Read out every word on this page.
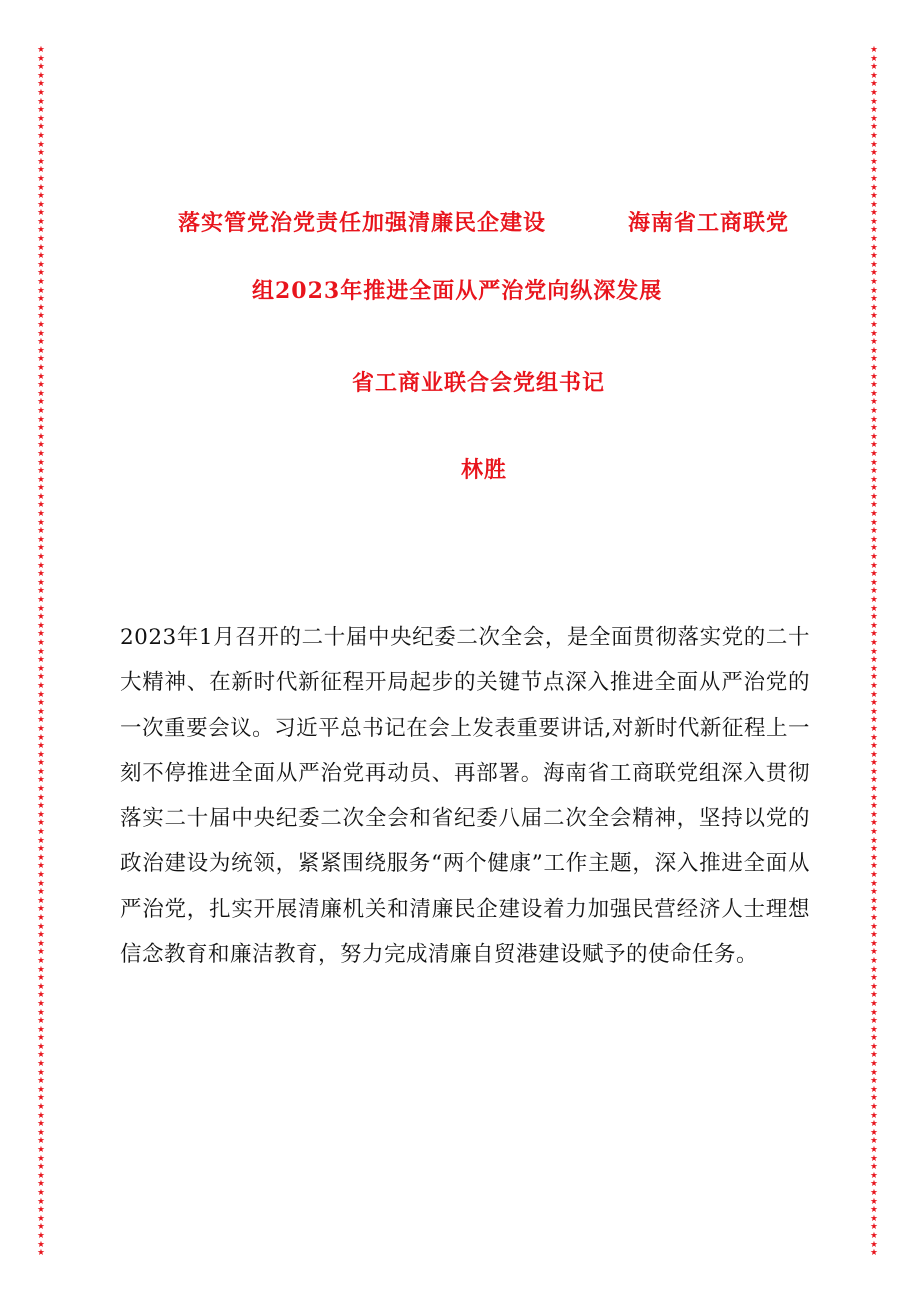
★
★
★
★
★
★
★
★
★
★
★
★
★
★
★
★
★
★
★
★
★
★
★
★
★
★
★
★
★
★
★
★
★
★
★
★
★
★
★
★
★
★
★
★
★
★
★
★
★
★
★
★
★
★
★
★
★
★
★
★
★
★
★
★
★
★
★
★
★
★
★
★
★
★
★
★
★
★
★
★
★
★
★
★
★
★
★
★
★
★
★
★
★
★
★
★
★
★
★
★
★
★
★
★
★
★
★
★
★
★
★
★
★
★
★
★
★
★
★
★
★
★
★
★
★
★
★
★
★
★
★
★
★
★
★
★
★
★
★
★
★
★
★
★
★
★
★
★
★
★
★
★
★
★
★
★
★
★
★
★
★
★
★
★
★
★
★
★
★
★
★
★
★
★
★
★
★
★
★
★
★
★
★
★
★
★
★
★
★
★
★
★
★
★
★
★
★
★
★
★
★
★
★
★
★
★
★
★
★
★
★
★
★
★
★
★
★
★
★
★
★
★
★
★
★
★
★
★
★
★
★
★
★
★
★
★
★
★
★
★
★
★
★
★
★
★
★
★
★
★
★
★
★
★
★
★
★
★
★
★
★
★
★
★
★
★
★
★
★
★
★
★
★
★
★
★
★
★
★
★
★
★
落实管党治党责任加强清廉民企建设	海南省工商联党
组2023年推进全面从严治党向纵深发展
省工商业联合会党组书记
林胜
2023年1月召开的二十届中央纪委二次全会，是全面贯彻落实党的二十大精神、在新时代新征程开局起步的关键节点深入推进全面从严治党的一次重要会议。习近平总书记在会上发表重要讲话,对新时代新征程上一刻不停推进全面从严治党再动员、再部署。海南省工商联党组深入贯彻落实二十届中央纪委二次全会和省纪委八届二次全会精神，坚持以党的政治建设为统领，紧紧围绕服务“两个健康”工作主题，深入推进全面从严治党，扎实开展清廉机关和清廉民企建设着力加强民营经济人士理想信念教育和廉洁教育，努力完成清廉自贸港建设赋予的使命任务。
